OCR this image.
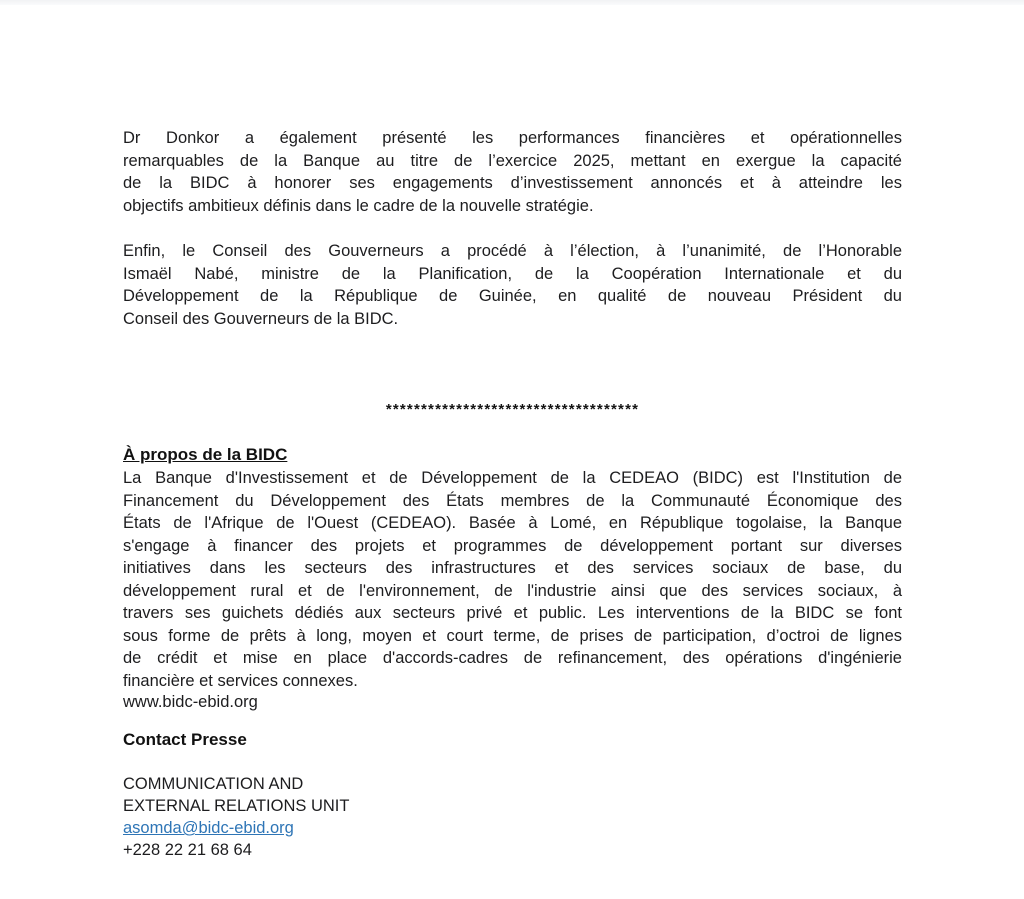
Dr Donkor a également présenté les performances financières et opérationnelles
remarquables de la Banque au titre de l’exercice 2025, mettant en exergue la capacité
de la BIDC à honorer ses engagements d’investissement annoncés et à atteindre les
objectifs ambitieux définis dans le cadre de la nouvelle stratégie.
Enfin, le Conseil des Gouverneurs a procédé à l’élection, à l’unanimité, de l’Honorable
Ismaël Nabé, ministre de la Planification, de la Coopération Internationale et du
Développement de la République de Guinée, en qualité de nouveau Président du
Conseil des Gouverneurs de la BIDC.
************************************
À propos de la BIDC
La Banque d'Investissement et de Développement de la CEDEAO (BIDC) est l'Institution de
Financement du Développement des États membres de la Communauté Économique des
États de l'Afrique de l'Ouest (CEDEAO). Basée à Lomé, en République togolaise, la Banque
s'engage à financer des projets et programmes de développement portant sur diverses
initiatives dans les secteurs des infrastructures et des services sociaux de base, du
développement rural et de l'environnement, de l'industrie ainsi que des services sociaux, à
travers ses guichets dédiés aux secteurs privé et public. Les interventions de la BIDC se font
sous forme de prêts à long, moyen et court terme, de prises de participation, d’octroi de lignes
de crédit et mise en place d'accords-cadres de refinancement, des opérations d'ingénierie
financière et services connexes.
www.bidc-ebid.org
Contact Presse
COMMUNICATION AND
EXTERNAL RELATIONS UNIT
asomda@bidc-ebid.org
+228 22 21 68 64
